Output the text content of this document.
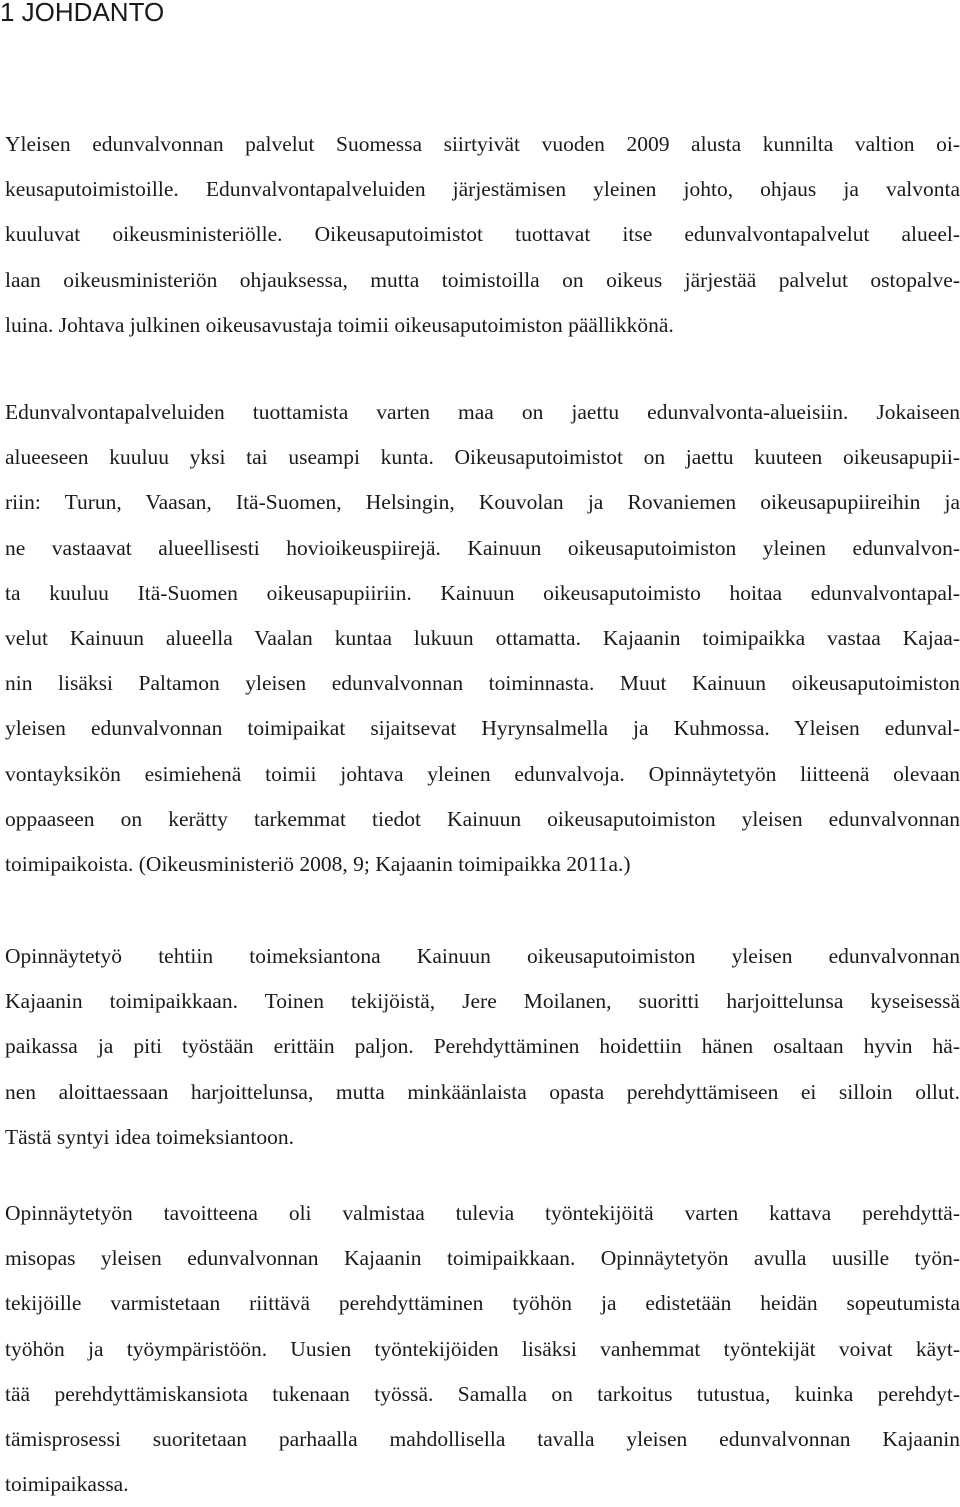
1 JOHDANTO
Yleisen edunvalvonnan palvelut Suomessa siirtyivät vuoden 2009 alusta kunnilta valtion oi-
keusaputoimistoille. Edunvalvontapalveluiden järjestämisen yleinen johto, ohjaus ja valvonta
kuuluvat oikeusministeriölle. Oikeusaputoimistot tuottavat itse edunvalvontapalvelut alueel-
laan oikeusministeriön ohjauksessa, mutta toimistoilla on oikeus järjestää palvelut ostopalve-
luina. Johtava julkinen oikeusavustaja toimii oikeusaputoimiston päällikkönä.
Edunvalvontapalveluiden tuottamista varten maa on jaettu edunvalvonta-alueisiin. Jokaiseen
alueeseen kuuluu yksi tai useampi kunta. Oikeusaputoimistot on jaettu kuuteen oikeusapupii-
riin: Turun, Vaasan, Itä-Suomen, Helsingin, Kouvolan ja Rovaniemen oikeusapupiireihin ja
ne vastaavat alueellisesti hovioikeuspiirejä. Kainuun oikeusaputoimiston yleinen edunvalvon-
ta kuuluu Itä-Suomen oikeusapupiiriin. Kainuun oikeusaputoimisto hoitaa edunvalvontapal-
velut Kainuun alueella Vaalan kuntaa lukuun ottamatta. Kajaanin toimipaikka vastaa Kajaa-
nin lisäksi Paltamon yleisen edunvalvonnan toiminnasta. Muut Kainuun oikeusaputoimiston
yleisen edunvalvonnan toimipaikat sijaitsevat Hyrynsalmella ja Kuhmossa. Yleisen edunval-
vontayksikön esimiehenä toimii johtava yleinen edunvalvoja. Opinnäytetyön liitteenä olevaan
oppaaseen on kerätty tarkemmat tiedot Kainuun oikeusaputoimiston yleisen edunvalvonnan
toimipaikoista. (Oikeusministeriö 2008, 9; Kajaanin toimipaikka 2011a.)
Opinnäytetyö tehtiin toimeksiantona Kainuun oikeusaputoimiston yleisen edunvalvonnan
Kajaanin toimipaikkaan. Toinen tekijöistä, Jere Moilanen, suoritti harjoittelunsa kyseisessä
paikassa ja piti työstään erittäin paljon. Perehdyttäminen hoidettiin hänen osaltaan hyvin hä-
nen aloittaessaan harjoittelunsa, mutta minkäänlaista opasta perehdyttämiseen ei silloin ollut.
Tästä syntyi idea toimeksiantoon.
Opinnäytetyön tavoitteena oli valmistaa tulevia työntekijöitä varten kattava perehdyttä-
misopas yleisen edunvalvonnan Kajaanin toimipaikkaan. Opinnäytetyön avulla uusille työn-
tekijöille varmistetaan riittävä perehdyttäminen työhön ja edistetään heidän sopeutumista
työhön ja työympäristöön. Uusien työntekijöiden lisäksi vanhemmat työntekijät voivat käyt-
tää perehdyttämiskansiota tukenaan työssä. Samalla on tarkoitus tutustua, kuinka perehdyt-
tämisprosessi suoritetaan parhaalla mahdollisella tavalla yleisen edunvalvonnan Kajaanin
toimipaikassa.
